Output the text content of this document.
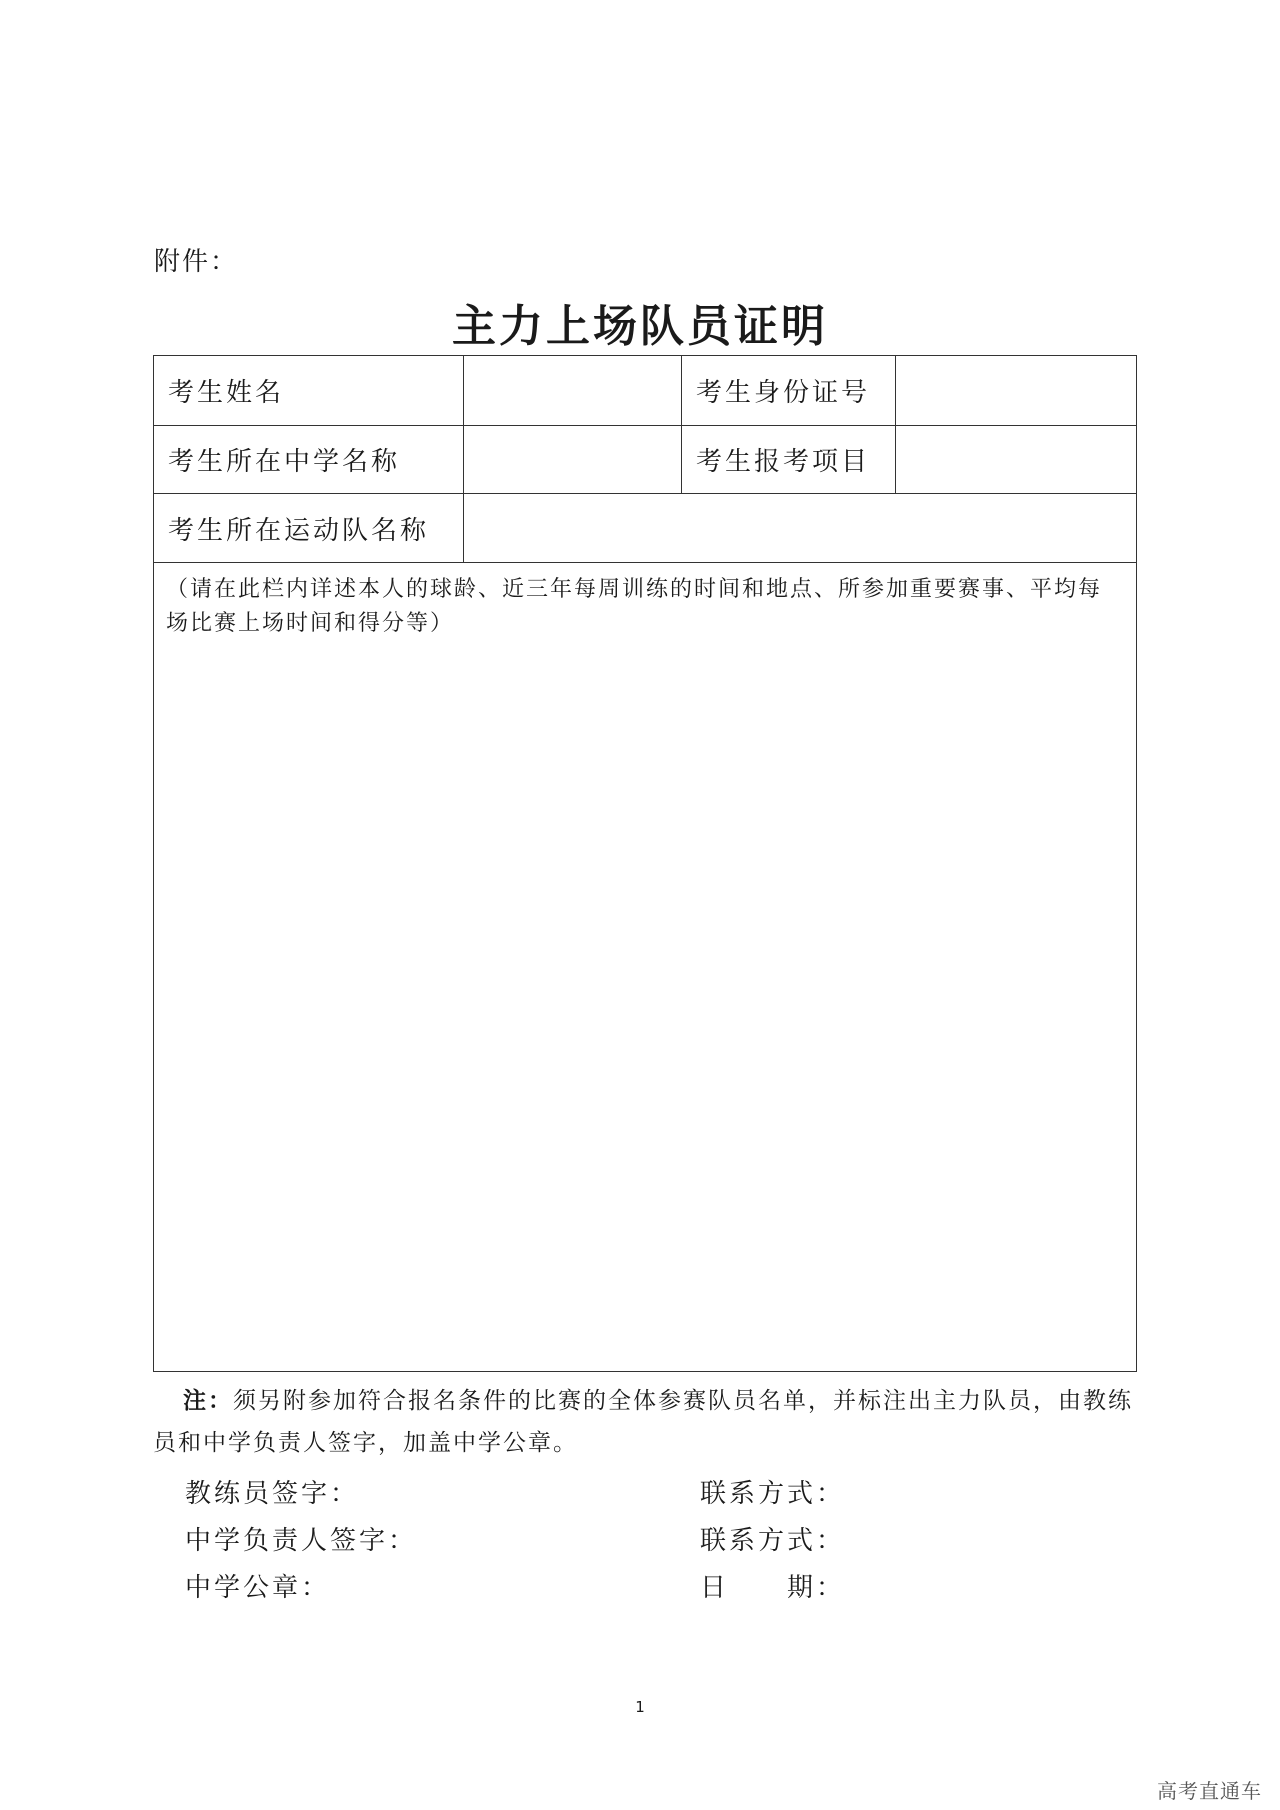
附件：
主力上场队员证明
考生姓名	考生身份证号
考生所在中学名称	考生报考项目
考生所在运动队名称
（请在此栏内详述本人的球龄、近三年每周训练的时间和地点、所参加重要赛事、平均每场比赛上场时间和得分等）
注：须另附参加符合报名条件的比赛的全体参赛队员名单，并标注出主力队员，由教练员和中学负责人签字，加盖中学公章。
教练员签字：	联系方式：
中学负责人签字：	联系方式：
中学公章：	日　　期：
1
高考直通车
